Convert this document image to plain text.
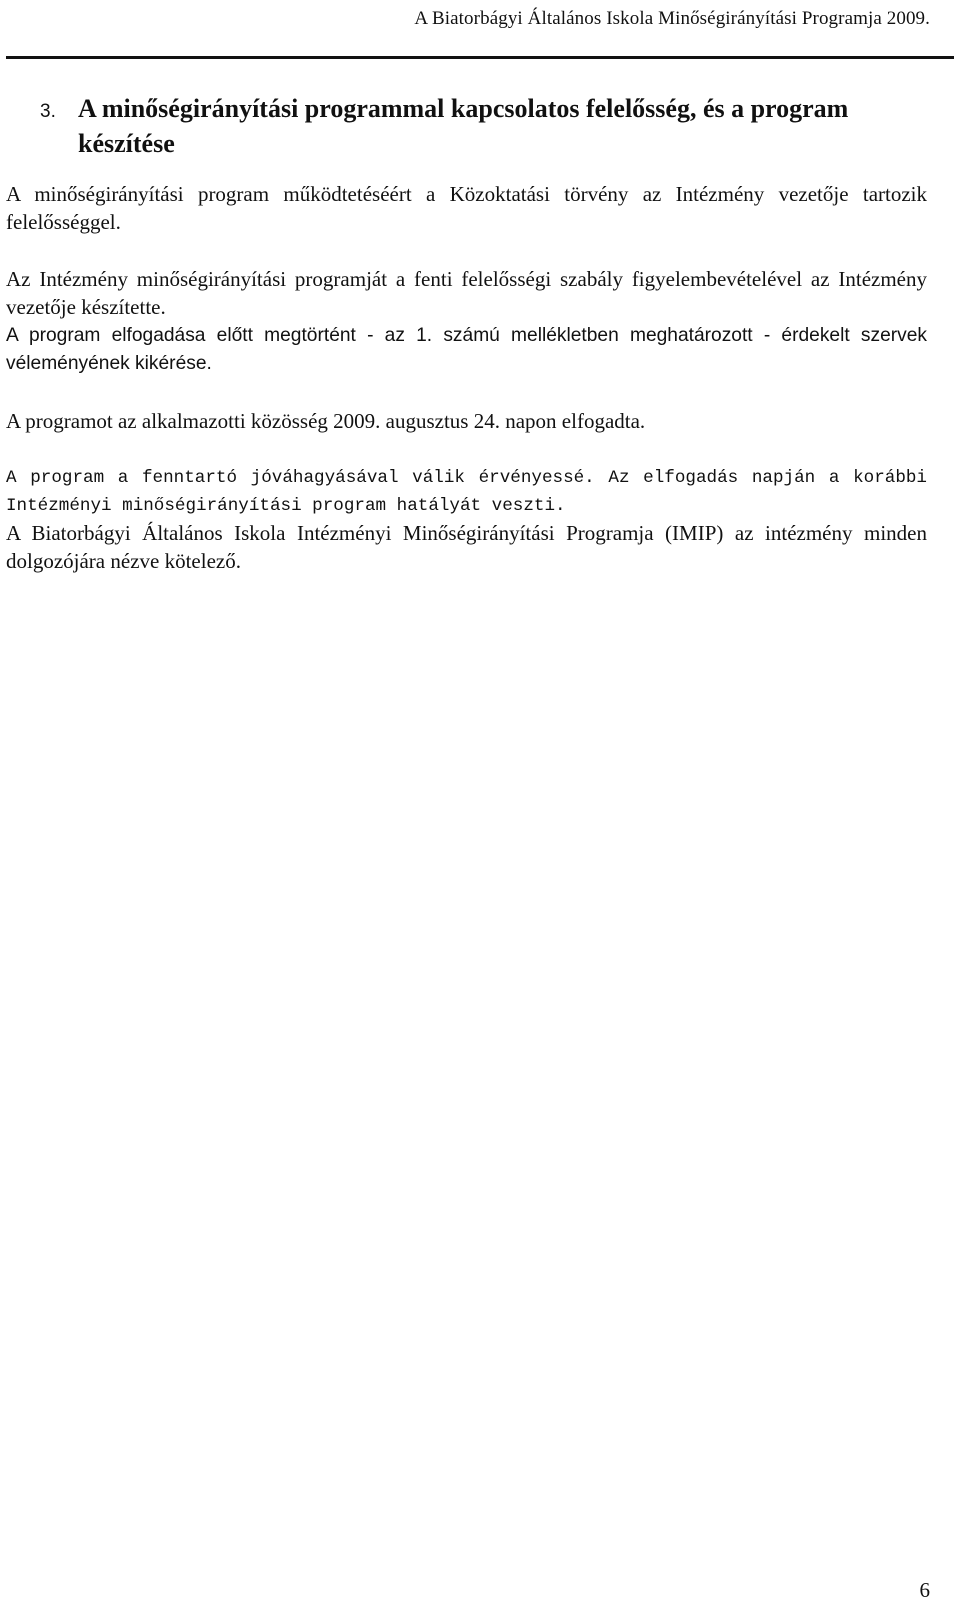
A Biatorbágyi Általános Iskola Minőségirányítási Programja 2009.
3. A minőségirányítási programmal kapcsolatos felelősség, és a program készítése

A minőségirányítási program működtetéséért a Közoktatási törvény az Intézmény vezetője tartozik felelősséggel.

Az Intézmény minőségirányítási programját a fenti felelősségi szabály figyelembevételével az Intézmény vezetője készítette.

A program elfogadása előtt megtörtént - az 1. számú mellékletben meghatározott - érdekelt szervek véleményének kikérése.

A programot az alkalmazotti közösség 2009. augusztus 24. napon elfogadta.

A program a fenntartó jóváhagyásával válik érvényessé. Az elfogadás napján a korábbi Intézményi minőségirányítási program hatályát veszti.

A Biatorbágyi Általános Iskola Intézményi Minőségirányítási Programja (IMIP) az intézmény minden dolgozójára nézve kötelező.

6
